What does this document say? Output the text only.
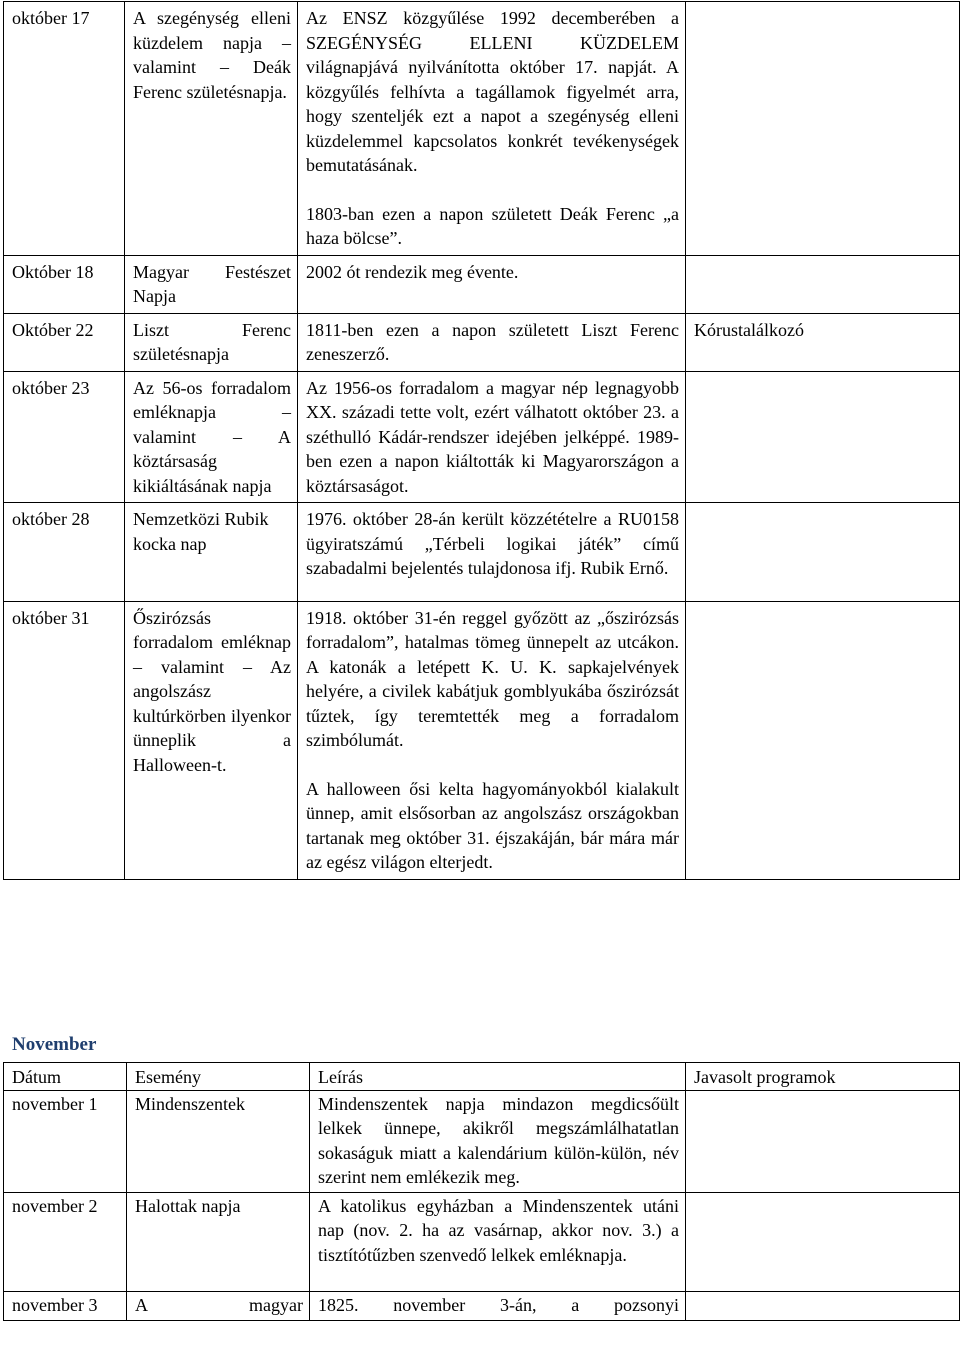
október 17	A szegénység elleni küzdelem napja – valamint – Deák Ferenc születésnapja.	Az ENSZ közgyűlése 1992 decemberében a SZEGÉNYSÉG ELLENI KÜZDELEM világnapjává nyilvánította október 17. napját. A közgyűlés felhívta a tagállamok figyelmét arra, hogy szenteljék ezt a napot a szegénység elleni küzdelemmel kapcsolatos konkrét tevékenységek bemutatásának.

1803-ban ezen a napon született Deák Ferenc „a haza bölcse”.	

Október 18	Magyar Festészet Napja	2002 ót rendezik meg évente.	

Október 22	Liszt Ferenc születésnapja	1811-ben ezen a napon született Liszt Ferenc zeneszerző.	Kórustalálkozó
október 23	Az 56-os forradalom emléknapja – valamint – A köztársaság kikiáltásának napja	Az 1956-os forradalom a magyar nép legnagyobb XX. századi tette volt, ezért válhatott október 23. a széthulló Kádár-rendszer idejében jelképpé. 1989-ben ezen a napon kiáltották ki Magyarországon a köztársaságot.	

október 28	Nemzetközi Rubik kocka nap	1976. október 28-án került közzétételre a RU0158 ügyiratszámú „Térbeli logikai játék” című szabadalmi bejelentés tulajdonosa ifj. Rubik Ernő.	

október 31	Őszirózsás forradalom emléknap – valamint – Az angolszász kultúrkörben ilyenkor ünneplik a Halloween-t.	1918. október 31-én reggel győzött az „őszirózsás forradalom”, hatalmas tömeg ünnepelt az utcákon. A katonák a letépett K. U. K. sapkajelvények helyére, a civilek kabátjuk gomblyukába őszirózsát tűztek, így teremtették meg a forradalom szimbólumát.

A halloween ősi kelta hagyományokból kialakult ünnep, amit elsősorban az angolszász országokban tartanak meg október 31. éjszakáján, bár mára már az egész világon elterjedt.	

November
Dátum	Esemény	Leírás	Javasolt programok
november 1	Mindenszentek	Mindenszentek napja mindazon megdicsőült lelkek ünnepe, akikről megszámlálhatatlan sokaságuk miatt a kalendárium külön-külön, név szerint nem emlékezik meg.	
november 2	Halottak napja	A katolikus egyházban a Mindenszentek utáni nap (nov. 2. ha az vasárnap, akkor nov. 3.) a tisztítótűzben szenvedő lelkek emléknapja.	
november 3	A magyar	1825. november 3-án, a pozsonyi	
